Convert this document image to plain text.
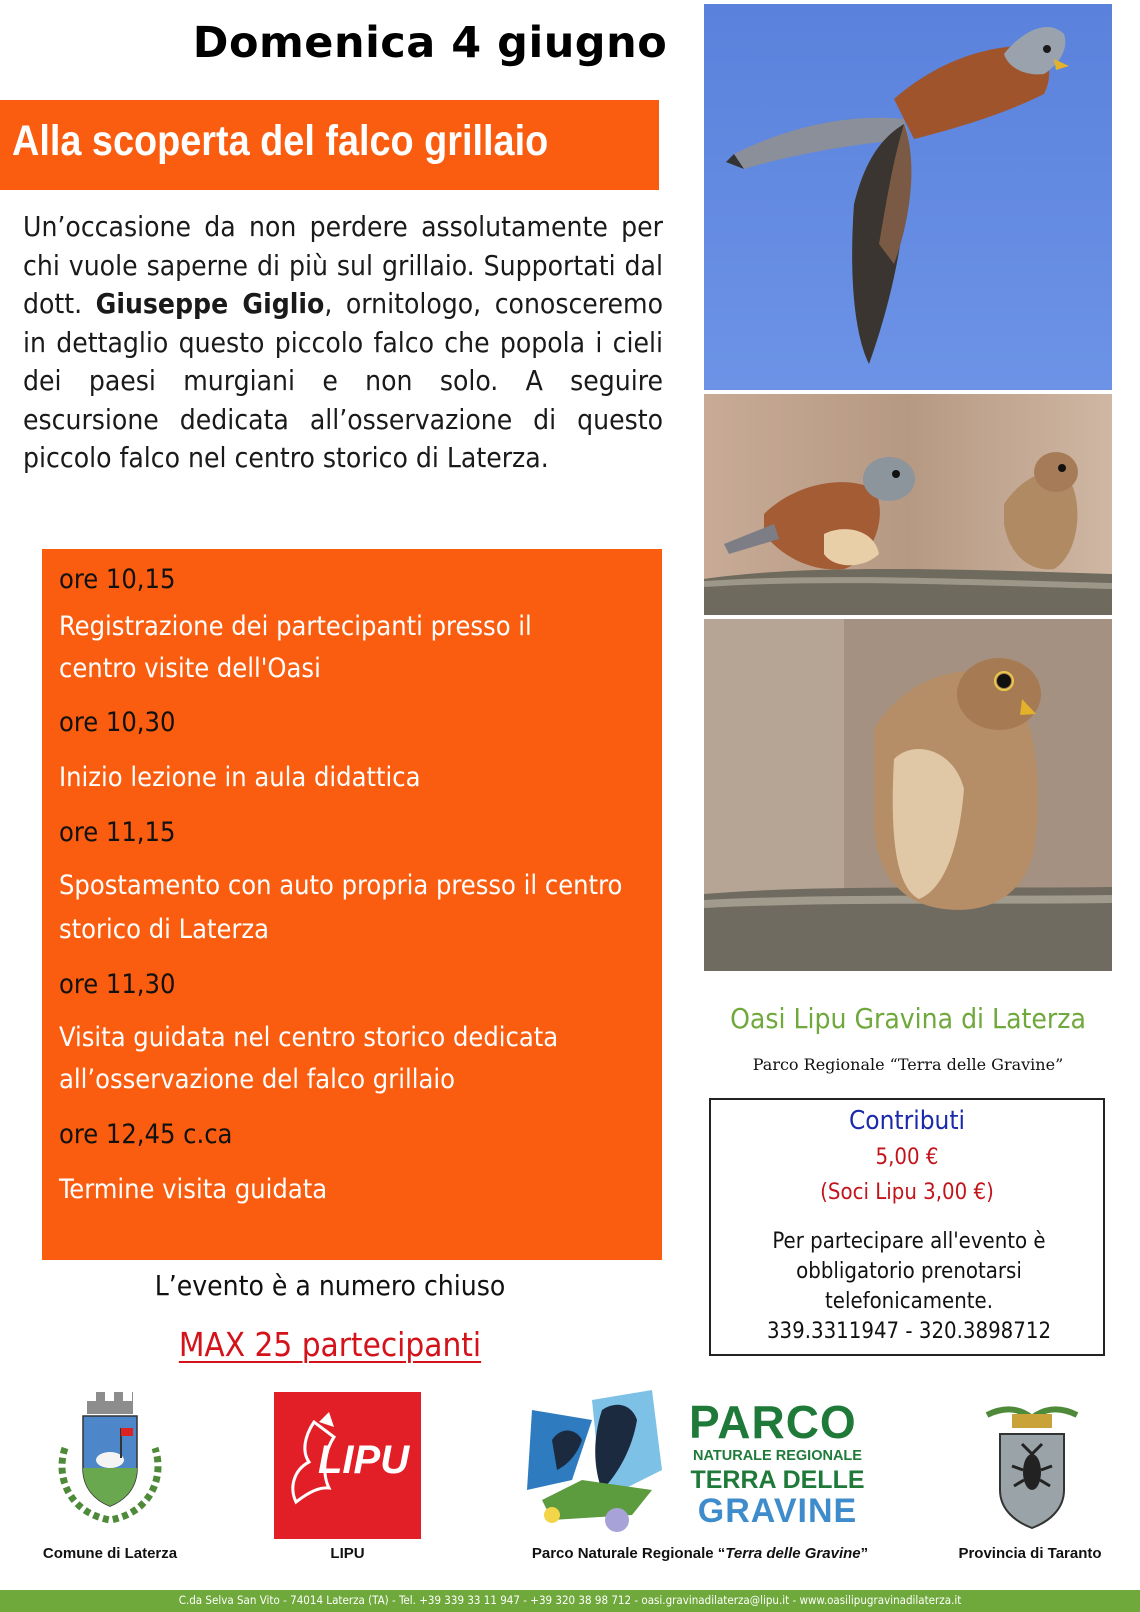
Domenica 4 giugno
Alla scoperta del falco grillaio
Un’occasione da non perdere assolutamente per chi vuole saperne di più sul grillaio. Supportati dal dott. Giuseppe Giglio, ornitologo, conosceremo in dettaglio questo piccolo falco che popola i cieli dei paesi murgiani e non solo. A seguire escursione dedicata all’osservazione di questo piccolo falco nel centro storico di Laterza.
ore 10,15
Registrazione dei partecipanti presso il
centro visite dell'Oasi
ore 10,30
Inizio lezione in aula didattica
ore 11,15
Spostamento con auto propria presso il centro
storico di Laterza
ore 11,30
Visita guidata nel centro storico dedicata
all’osservazione del falco grillaio
ore 12,45 c.ca
Termine visita guidata
L’evento è a numero chiuso
MAX 25 partecipanti
Oasi Lipu Gravina di Laterza
Parco Regionale “Terra delle Gravine”
Contributi
5,00 €
(Soci Lipu 3,00 €)
Per partecipare all'evento è
obbligatorio prenotarsi
telefonicamente.
339.3311947 - 320.3898712
Comune di Laterza
LIPU
LIPU
PARCO
NATURALE REGIONALE
TERRA DELLE
GRAVINE
Parco Naturale Regionale “Terra delle Gravine”	Provincia di Taranto
C.da Selva San Vito - 74014 Laterza (TA) - Tel. +39 339 33 11 947 - +39 320 38 98 712 - oasi.gravinadilaterza@lipu.it - www.oasilipugravinadilaterza.it
